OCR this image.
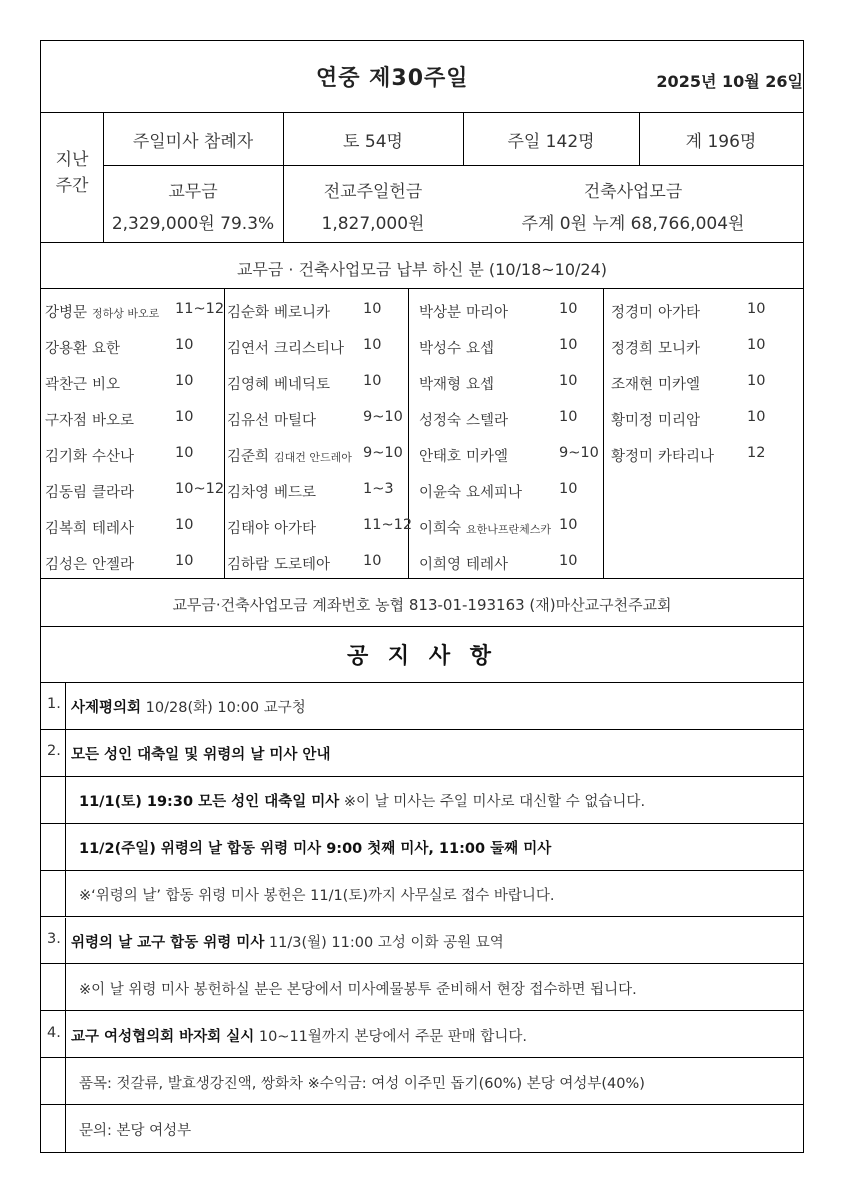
연중 제30주일	2025년 10월 26일
지난
주간
주일미사 참례자	토 54명	주일 142명	계 196명
교무금
2,329,000원 79.3%
전교주일헌금
1,827,000원
건축사업모금
주계 0원 누계 68,766,004원
교무금 · 건축사업모금 납부 하신 분 (10/18~10/24)
강병문 정하상 바오로 11~12
강용환 요한	10
곽찬근 비오	10
구자점 바오로	10
김기화 수산나	10
김동림 클라라	10~12
김복희 테레사	10
김성은 안젤라	10
김순화 베로니카 10
김연서 크리스티나 10
김영혜 베네딕토 10
김유선 마틸다	9~10
김준희 김대건 안드레아 9~10
김차영 베드로	1~3
김태야 아가타	11~12
김하람 도로테아 10
박상분 마리아	10
박성수 요셉	10
박재형 요셉	10
성정숙 스텔라	10
안태호 미카엘	9~10
이윤숙 요세피나	10
이희숙 요한나프란체스카 10
이희영 테레사	10
정경미 아가타	10
정경희 모니카	10
조재현 미카엘	10
황미정 미리암	10
황정미 카타리나 12
교무금·건축사업모금 계좌번호 농협 813-01-193163 (재)마산교구천주교회
공 지 사 항
1. 사제평의회 10/28(화) 10:00 교구청
2. 모든 성인 대축일 및 위령의 날 미사 안내
11/1(토) 19:30 모든 성인 대축일 미사 ※이 날 미사는 주일 미사로 대신할 수 없습니다.
11/2(주일) 위령의 날 합동 위령 미사 9:00 첫째 미사, 11:00 둘째 미사
※‘위령의 날’ 합동 위령 미사 봉헌은 11/1(토)까지 사무실로 접수 바랍니다.
3. 위령의 날 교구 합동 위령 미사 11/3(월) 11:00 고성 이화 공원 묘역
※이 날 위령 미사 봉헌하실 분은 본당에서 미사예물봉투 준비해서 현장 접수하면 됩니다.
4. 교구 여성협의회 바자회 실시 10~11월까지 본당에서 주문 판매 합니다.
품목: 젓갈류, 발효생강진액, 쌍화차 ※수익금: 여성 이주민 돕기(60%) 본당 여성부(40%)
문의: 본당 여성부
